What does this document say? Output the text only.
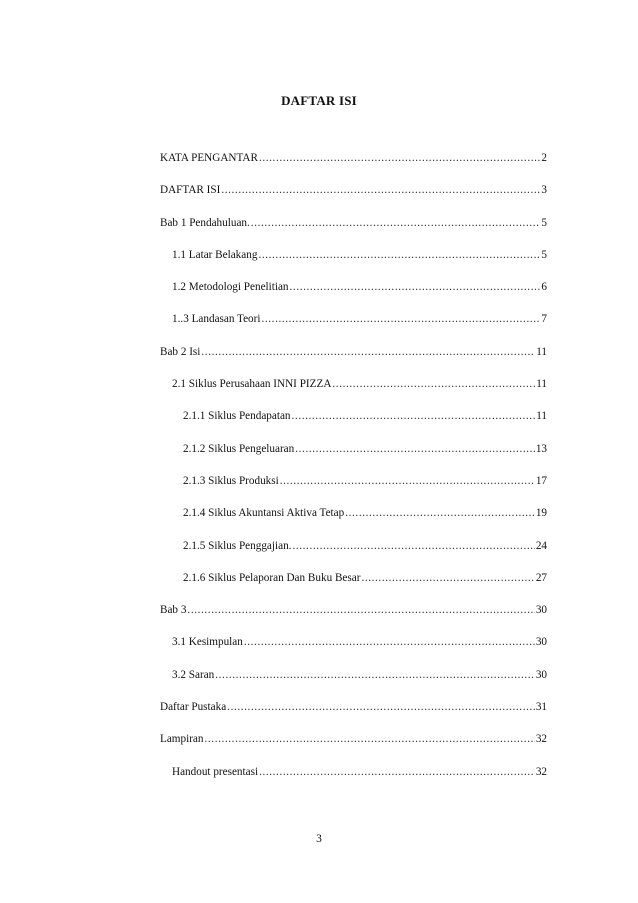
DAFTAR ISI
KATA PENGANTAR .....	2
DAFTAR ISI .....	3
Bab 1 Pendahuluan. .....	5
1.1 Latar Belakang .....	5
1.2 Metodologi Penelitian .....	6
1..3 Landasan Teori .....	7
Bab 2 Isi .....	11
2.1 Siklus Perusahaan INNI PIZZA .....	11
2.1.1 Siklus Pendapatan .....	11
2.1.2 Siklus Pengeluaran .....	13
2.1.3 Siklus Produksi .....	17
2.1.4 Siklus Akuntansi Aktiva Tetap .....	19
2.1.5 Siklus Penggajian. .....	24
2.1.6 Siklus Pelaporan Dan Buku Besar .....	27
Bab 3 .....	30
3.1 Kesimpulan .....	30
3.2 Saran .....	30
Daftar Pustaka .....	31
Lampiran .....	32
Handout presentasi .....	32
3
